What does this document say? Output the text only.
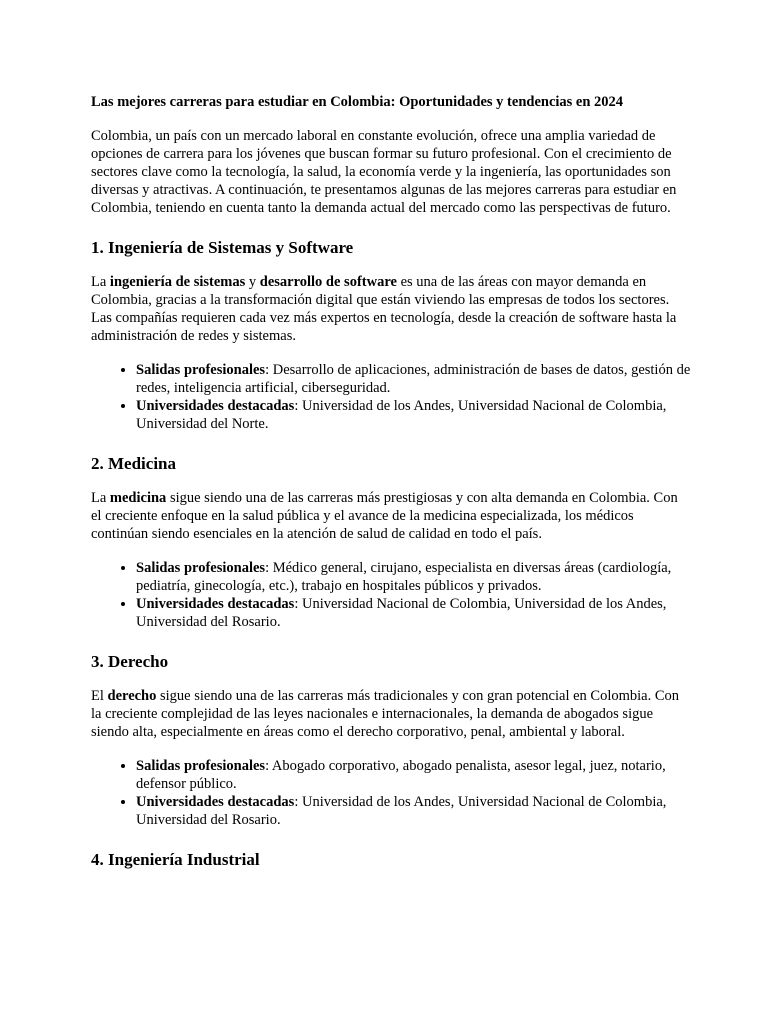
Las mejores carreras para estudiar en Colombia: Oportunidades y tendencias en 2024

Colombia, un país con un mercado laboral en constante evolución, ofrece una amplia variedad de opciones de carrera para los jóvenes que buscan formar su futuro profesional. Con el crecimiento de sectores clave como la tecnología, la salud, la economía verde y la ingeniería, las oportunidades son diversas y atractivas. A continuación, te presentamos algunas de las mejores carreras para estudiar en Colombia, teniendo en cuenta tanto la demanda actual del mercado como las perspectivas de futuro.

1. Ingeniería de Sistemas y Software

La ingeniería de sistemas y desarrollo de software es una de las áreas con mayor demanda en Colombia, gracias a la transformación digital que están viviendo las empresas de todos los sectores. Las compañías requieren cada vez más expertos en tecnología, desde la creación de software hasta la administración de redes y sistemas.

• Salidas profesionales: Desarrollo de aplicaciones, administración de bases de datos, gestión de redes, inteligencia artificial, ciberseguridad.
• Universidades destacadas: Universidad de los Andes, Universidad Nacional de Colombia, Universidad del Norte.
2. Medicina

La medicina sigue siendo una de las carreras más prestigiosas y con alta demanda en Colombia. Con el creciente enfoque en la salud pública y el avance de la medicina especializada, los médicos continúan siendo esenciales en la atención de salud de calidad en todo el país.

• Salidas profesionales: Médico general, cirujano, especialista en diversas áreas (cardiología, pediatría, ginecología, etc.), trabajo en hospitales públicos y privados.
• Universidades destacadas: Universidad Nacional de Colombia, Universidad de los Andes, Universidad del Rosario.
3. Derecho

El derecho sigue siendo una de las carreras más tradicionales y con gran potencial en Colombia. Con la creciente complejidad de las leyes nacionales e internacionales, la demanda de abogados sigue siendo alta, especialmente en áreas como el derecho corporativo, penal, ambiental y laboral.

• Salidas profesionales: Abogado corporativo, abogado penalista, asesor legal, juez, notario, defensor público.
• Universidades destacadas: Universidad de los Andes, Universidad Nacional de Colombia, Universidad del Rosario.
4. Ingeniería Industrial
